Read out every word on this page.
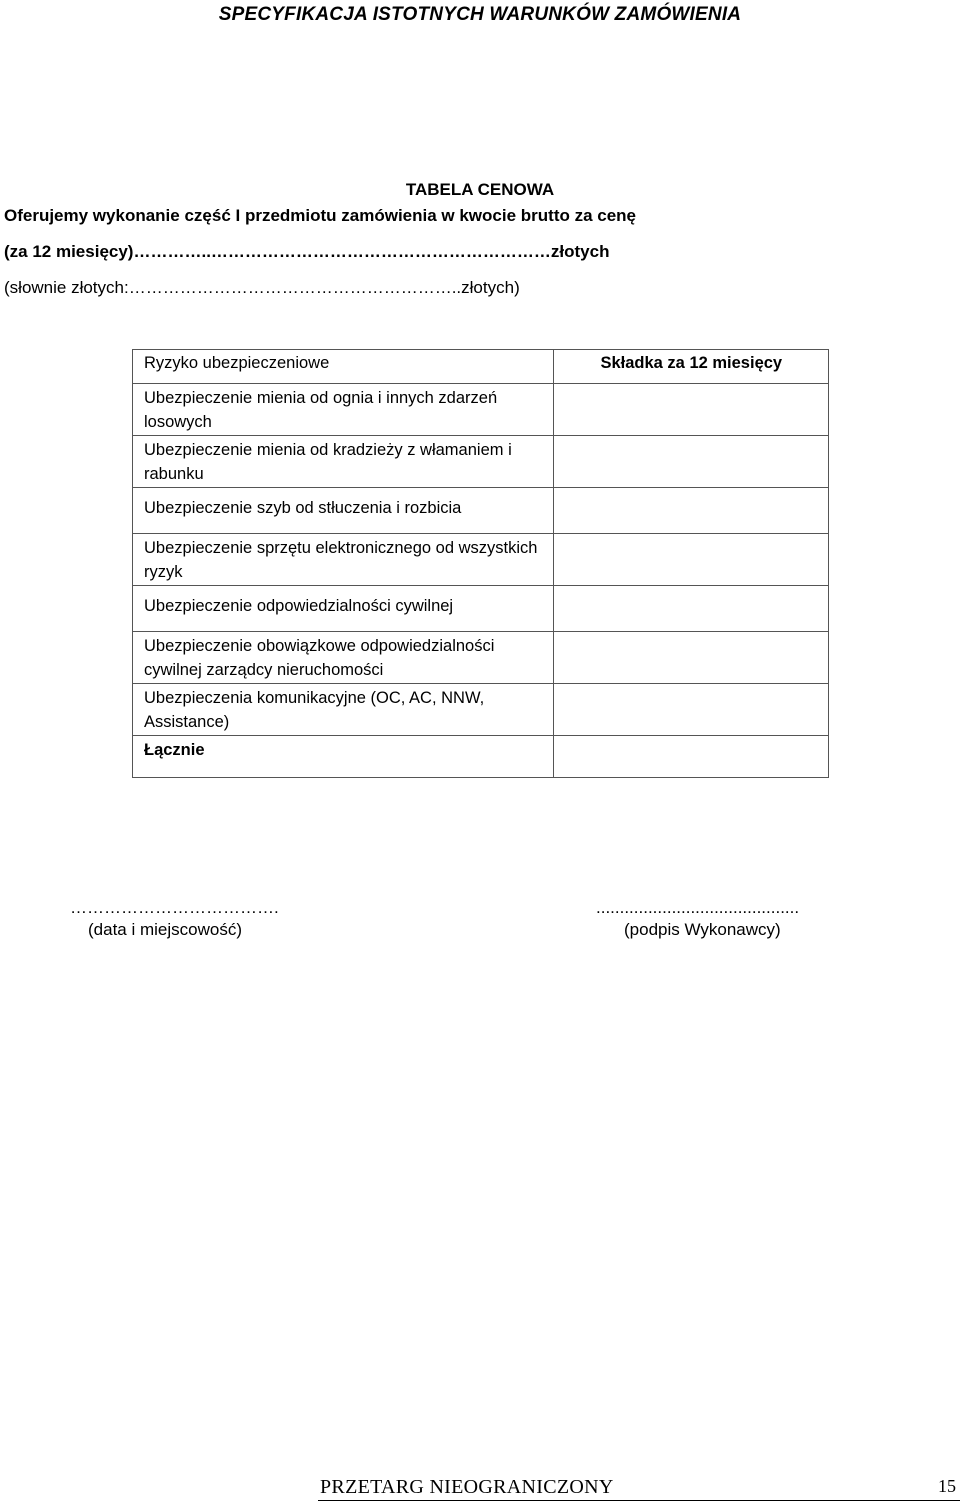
SPECYFIKACJA ISTOTNYCH WARUNKÓW ZAMÓWIENIA
TABELA CENOWA
Oferujemy wykonanie część I przedmiotu zamówienia w kwocie brutto za cenę
(za 12 miesięcy)…………..……………………………………………………złotych
(słownie złotych:…………………………………………………..złotych)
Ryzyko ubezpieczeniowe	Składka za 12 miesięcy
Ubezpieczenie mienia od ognia i innych zdarzeń losowych	
Ubezpieczenie mienia od kradzieży z włamaniem i rabunku	
Ubezpieczenie szyb od stłuczenia i rozbicia	
Ubezpieczenie sprzętu elektronicznego od wszystkich ryzyk	
Ubezpieczenie odpowiedzialności cywilnej	
Ubezpieczenie obowiązkowe odpowiedzialności cywilnej zarządcy nieruchomości	
Ubezpieczenia komunikacyjne (OC, AC, NNW, Assistance)	
Łącznie	
……………………………….
(data i miejscowość)
...........................................
(podpis Wykonawcy)
PRZETARG NIEOGRANICZONY	15
